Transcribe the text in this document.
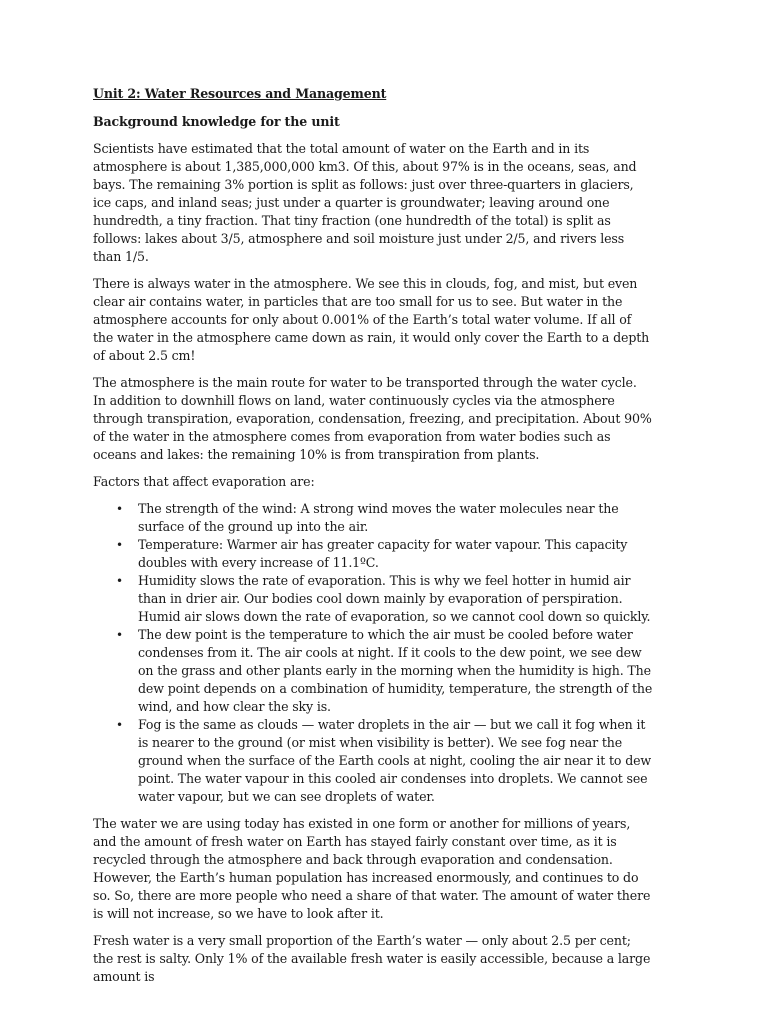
Unit 2: Water Resources and Management
Background knowledge for the unit

Scientists have estimated that the total amount of water on the Earth and in its atmosphere is about 1,385,000,000 km3. Of this, about 97% is in the oceans, seas, and bays. The remaining 3% portion is split as follows: just over three-quarters in glaciers, ice caps, and inland seas; just under a quarter is groundwater; leaving around one hundredth, a tiny fraction. That tiny fraction (one hundredth of the total) is split as follows: lakes about 3/5, atmosphere and soil moisture just under 2/5, and rivers less than 1/5.

There is always water in the atmosphere. We see this in clouds, fog, and mist, but even clear air contains water, in particles that are too small for us to see. But water in the atmosphere accounts for only about 0.001% of the Earth’s total water volume. If all of the water in the atmosphere came down as rain, it would only cover the Earth to a depth of about 2.5 cm!

The atmosphere is the main route for water to be transported through the water cycle. In addition to downhill flows on land, water continuously cycles via the atmosphere through transpiration, evaporation, condensation, freezing, and precipitation. About 90% of the water in the atmosphere comes from evaporation from water bodies such as oceans and lakes: the remaining 10% is from transpiration from plants.

Factors that affect evaporation are:

• The strength of the wind: A strong wind moves the water molecules near the surface of the ground up into the air.
• Temperature: Warmer air has greater capacity for water vapour. This capacity doubles with every increase of 11.1ºC.
• Humidity slows the rate of evaporation. This is why we feel hotter in humid air than in drier air. Our bodies cool down mainly by evaporation of perspiration. Humid air slows down the rate of evaporation, so we cannot cool down so quickly.
• The dew point is the temperature to which the air must be cooled before water condenses from it. The air cools at night. If it cools to the dew point, we see dew on the grass and other plants early in the morning when the humidity is high. The dew point depends on a combination of humidity, temperature, the strength of the wind, and how clear the sky is.
• Fog is the same as clouds — water droplets in the air — but we call it fog when it is nearer to the ground (or mist when visibility is better). We see fog near the ground when the surface of the Earth cools at night, cooling the air near it to dew point. The water vapour in this cooled air condenses into droplets. We cannot see water vapour, but we can see droplets of water.

The water we are using today has existed in one form or another for millions of years, and the amount of fresh water on Earth has stayed fairly constant over time, as it is recycled through the atmosphere and back through evaporation and condensation. However, the Earth’s human population has increased enormously, and continues to do so. So, there are more people who need a share of that water. The amount of water there is will not increase, so we have to look after it.

Fresh water is a very small proportion of the Earth’s water — only about 2.5 per cent; the rest is salty. Only 1% of the available fresh water is easily accessible, because a large amount is
